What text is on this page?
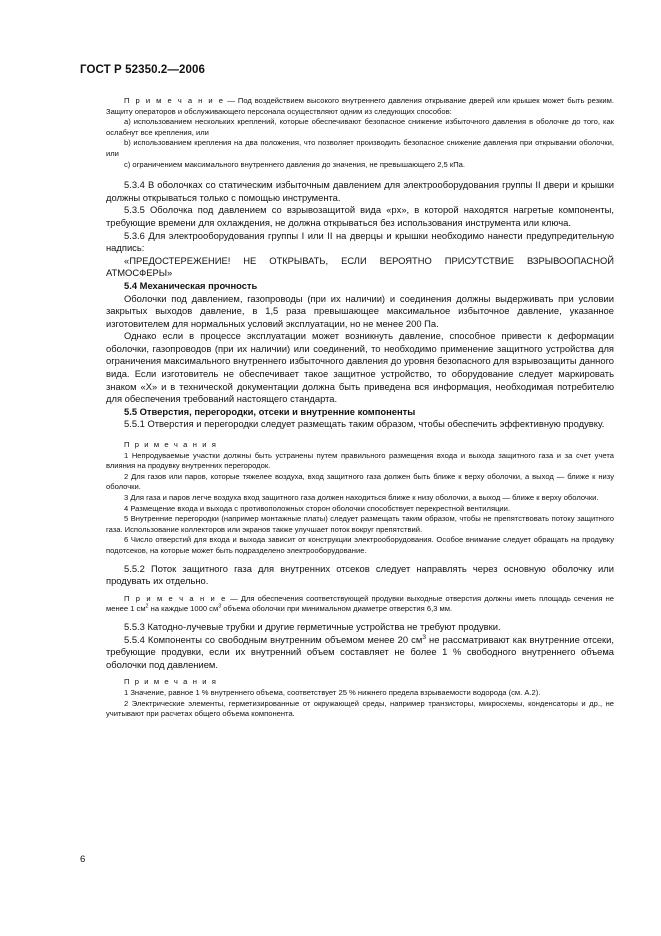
ГОСТ Р 52350.2—2006

П р и м е ч а н и е — Под воздействием высокого внутреннего давления открывание дверей или крышек может быть резким. Защиту операторов и обслуживающего персонала осуществляют одним из следующих способов:

a) использованием нескольких креплений, которые обеспечивают безопасное снижение избыточного давления в оболочке до того, как ослабнут все крепления, или

b) использованием крепления на два положения, что позволяет производить безопасное снижение давления при открывании оболочки, или

c) ограничением максимального внутреннего давления до значения, не превышающего 2,5 кПа.

5.3.4 В оболочках со статическим избыточным давлением для электрооборудования группы II двери и крышки должны открываться только с помощью инструмента.

5.3.5 Оболочка под давлением со взрывозащитой вида «px», в которой находятся нагретые компоненты, требующие времени для охлаждения, не должна открываться без использования инструмента или ключа.

5.3.6 Для электрооборудования группы I или II на дверцы и крышки необходимо нанести предупредительную надпись:

«ПРЕДОСТЕРЕЖЕНИЕ! НЕ ОТКРЫВАТЬ, ЕСЛИ ВЕРОЯТНО ПРИСУТСТВИЕ ВЗРЫВООПАСНОЙ АТМОСФЕРЫ»

5.4 Механическая прочность

Оболочки под давлением, газопроводы (при их наличии) и соединения должны выдерживать при условии закрытых выходов давление, в 1,5 раза превышающее максимальное избыточное давление, указанное изготовителем для нормальных условий эксплуатации, но не менее 200 Па.

Однако если в процессе эксплуатации может возникнуть давление, способное привести к деформации оболочки, газопроводов (при их наличии) или соединений, то необходимо применение защитного устройства для ограничения максимального внутреннего избыточного давления до уровня безопасного для взрывозащиты данного вида. Если изготовитель не обеспечивает такое защитное устройство, то оборудование следует маркировать знаком «X» и в технической документации должна быть приведена вся информация, необходимая потребителю для обеспечения требований настоящего стандарта.

5.5 Отверстия, перегородки, отсеки и внутренние компоненты

5.5.1 Отверстия и перегородки следует размещать таким образом, чтобы обеспечить эффективную продувку.

П р и м е ч а н и я

1 Непродуваемые участки должны быть устранены путем правильного размещения входа и выхода защитного газа и за счет учета влияния на продувку внутренних перегородок.

2 Для газов или паров, которые тяжелее воздуха, вход защитного газа должен быть ближе к верху оболочки, а выход — ближе к низу оболочки.

3 Для газа и паров легче воздуха вход защитного газа должен находиться ближе к низу оболочки, а выход — ближе к верху оболочки.

4 Размещение входа и выхода с противоположных сторон оболочки способствует перекрестной вентиляции.

5 Внутренние перегородки (например монтажные платы) следует размещать таким образом, чтобы не препятствовать потоку защитного газа. Использование коллекторов или экранов также улучшает поток вокруг препятствий.

6 Число отверстий для входа и выхода зависит от конструкции электрооборудования. Особое внимание следует обращать на продувку подотсеков, на которые может быть подразделено электрооборудование.

5.5.2 Поток защитного газа для внутренних отсеков следует направлять через основную оболочку или продувать их отдельно.

П р и м е ч а н и е — Для обеспечения соответствующей продувки выходные отверстия должны иметь площадь сечения не менее 1 $см^2$ на каждые 1000 $см^3$ объема оболочки при минимальном диаметре отверстия 6,3 мм.

5.5.3 Катодно-лучевые трубки и другие герметичные устройства не требуют продувки.

5.5.4 Компоненты со свободным внутренним объемом менее 20 $см^3$ не рассматривают как внутренние отсеки, требующие продувки, если их внутренний объем составляет не более 1 % свободного внутреннего объема оболочки под давлением.

П р и м е ч а н и я

1 Значение, равное 1 % внутреннего объема, соответствует 25 % нижнего предела взрываемости водорода (см. А.2).

2 Электрические элементы, герметизированные от окружающей среды, например транзисторы, микросхемы, конденсаторы и др., не учитывают при расчетах общего объема компонента.

6
